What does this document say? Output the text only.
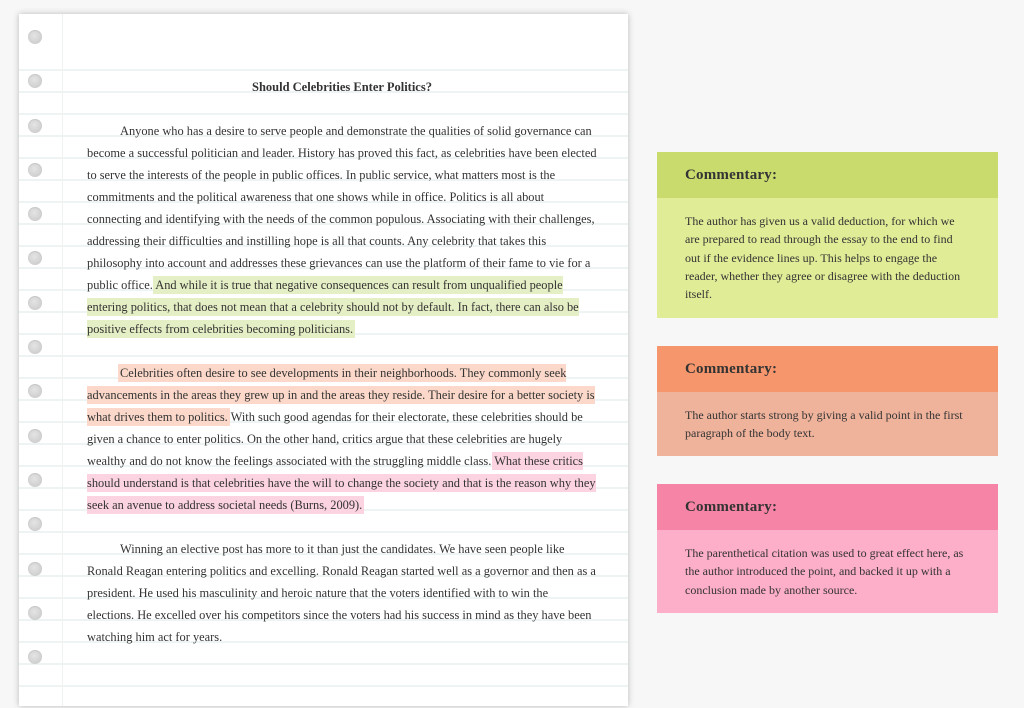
Should Celebrities Enter Politics?

Anyone who has a desire to serve people and demonstrate the qualities of solid governance can become a successful politician and leader. History has proved this fact, as celebrities have been elected to serve the interests of the people in public offices. In public service, what matters most is the commitments and the political awareness that one shows while in office. Politics is all about connecting and identifying with the needs of the common populous. Associating with their challenges, addressing their difficulties and instilling hope is all that counts. Any celebrity that takes this philosophy into account and addresses these grievances can use the platform of their fame to vie for a public office. And while it is true that negative consequences can result from unqualified people entering politics, that does not mean that a celebrity should not by default. In fact, there can also be positive effects from celebrities becoming politicians.

Celebrities often desire to see developments in their neighborhoods. They commonly seek advancements in the areas they grew up in and the areas they reside. Their desire for a better society is what drives them to politics. With such good agendas for their electorate, these celebrities should be given a chance to enter politics. On the other hand, critics argue that these celebrities are hugely wealthy and do not know the feelings associated with the struggling middle class. What these critics should understand is that celebrities have the will to change the society and that is the reason why they seek an avenue to address societal needs (Burns, 2009).

Winning an elective post has more to it than just the candidates. We have seen people like Ronald Reagan entering politics and excelling. Ronald Reagan started well as a governor and then as a president. He used his masculinity and heroic nature that the voters identified with to win the elections. He excelled over his competitors since the voters had his success in mind as they have been watching him act for years.

Commentary:
The author has given us a valid deduction, for which we are prepared to read through the essay to the end to find out if the evidence lines up. This helps to engage the reader, whether they agree or disagree with the deduction itself.
Commentary:
The author starts strong by giving a valid point in the first paragraph of the body text.
Commentary:
The parenthetical citation was used to great effect here, as the author introduced the point, and backed it up with a conclusion made by another source.
